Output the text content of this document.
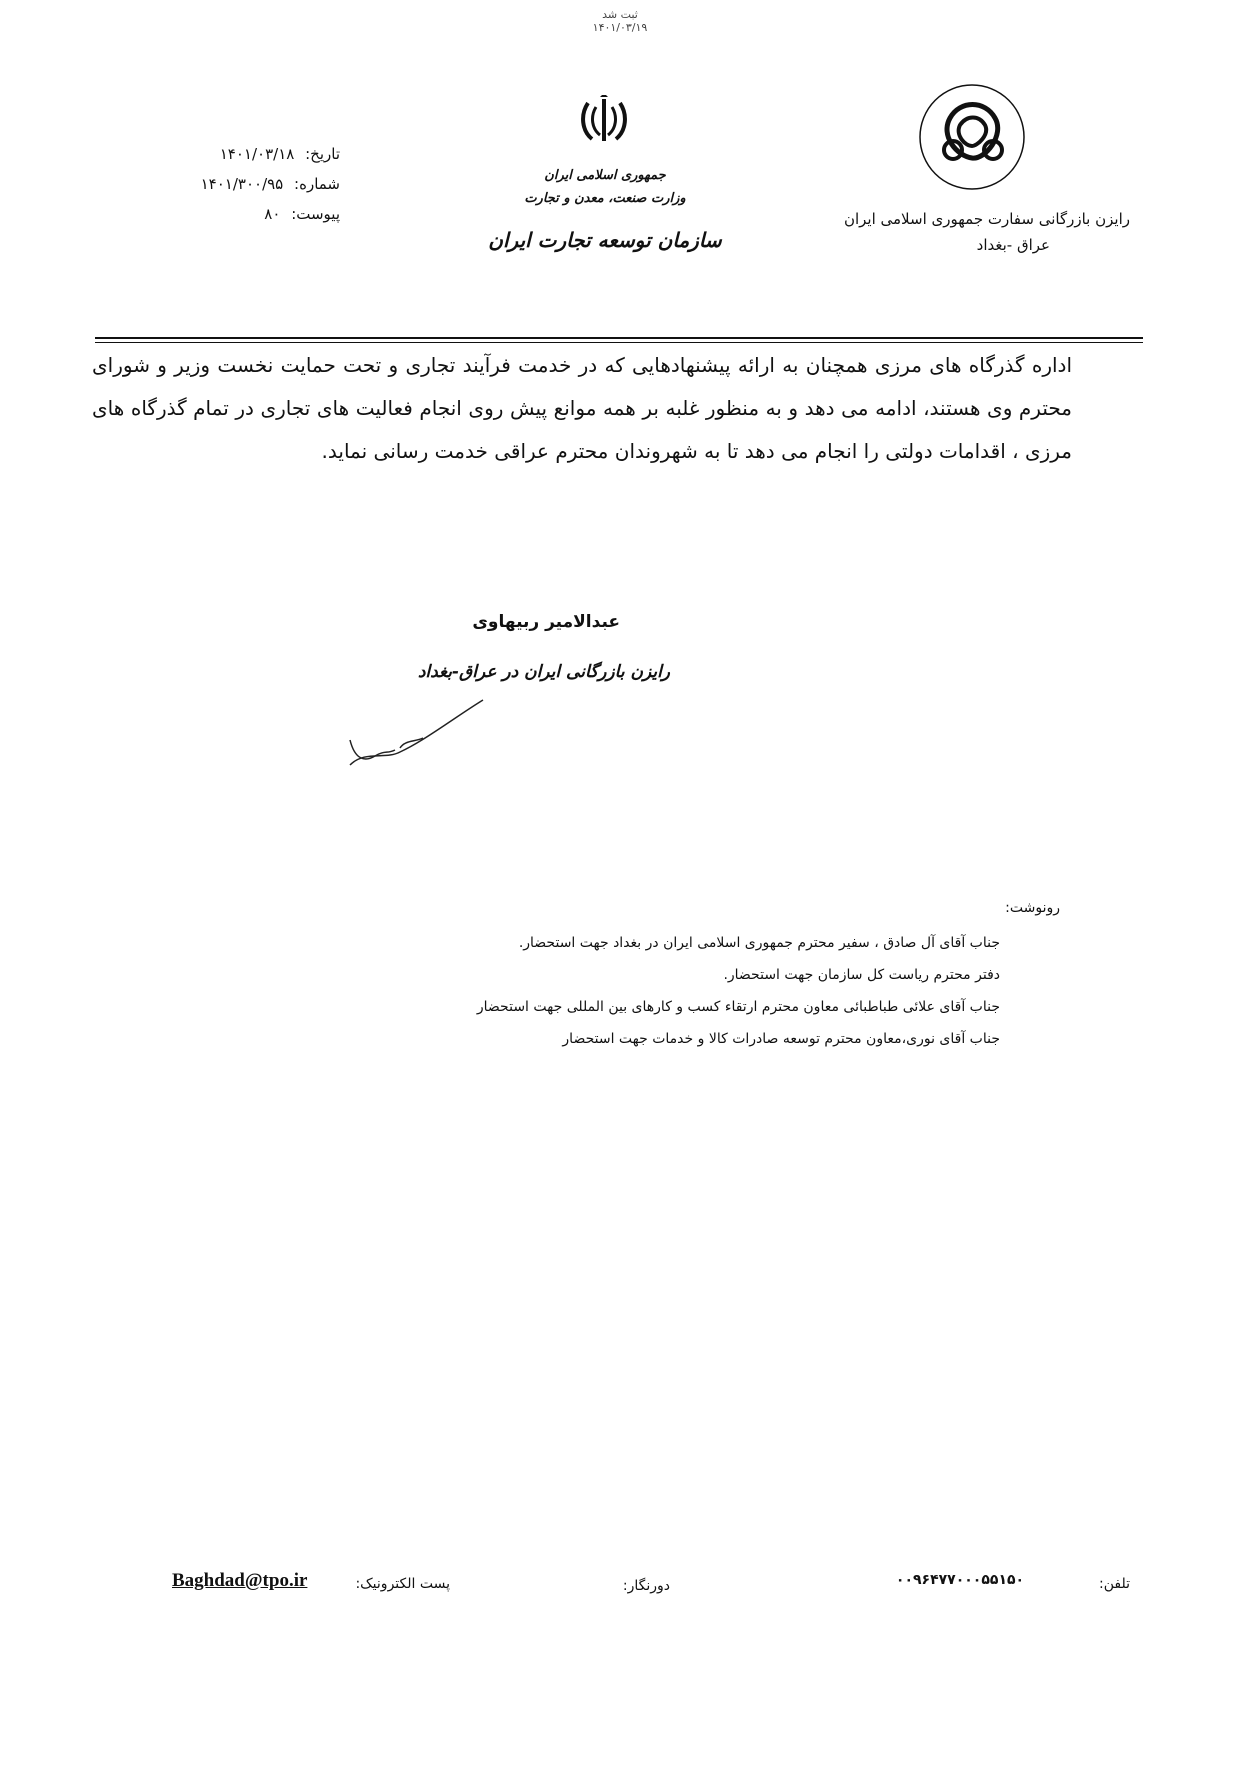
ثبت شد
۱۴۰۱/۰۳/۱۹
تاریخ: ۱۴۰۱/۰۳/۱۸
شماره: ۱۴۰۱/۳۰۰/۹۵
پیوست: ۸۰
جمهوری اسلامی ایران
وزارت صنعت، معدن و تجارت
سازمان توسعه تجارت ایران
رایزن بازرگانی سفارت جمهوری اسلامی ایران
عراق -بغداد
اداره گذرگاه های مرزی همچنان به ارائه پیشنهادهایی که در خدمت فرآیند تجاری و تحت حمایت نخست وزیر و شورای محترم وی هستند، ادامه می دهد و به منظور غلبه بر همه موانع پیش روی انجام فعالیت های تجاری در تمام گذرگاه های مرزی ، اقدامات دولتی را انجام می دهد تا به شهروندان محترم عراقی خدمت رسانی نماید.
عبدالامیر ربیهاوی
رایزن بازرگانی ایران در عراق-بغداد
رونوشت:
جناب آقای آل صادق ، سفیر محترم جمهوری اسلامی ایران در بغداد جهت استحضار.
دفتر محترم ریاست کل سازمان جهت استحضار.
جناب آقای علائی طباطبائی معاون محترم ارتقاء کسب و کارهای بین المللی جهت استحضار
جناب آقای نوری،معاون محترم توسعه صادرات کالا و خدمات جهت استحضار
تلفن:
۰۰۹۶۴۷۷۰۰۰۵۵۱۵۰
دورنگار:
پست الکترونیک:
Baghdad@tpo.ir
